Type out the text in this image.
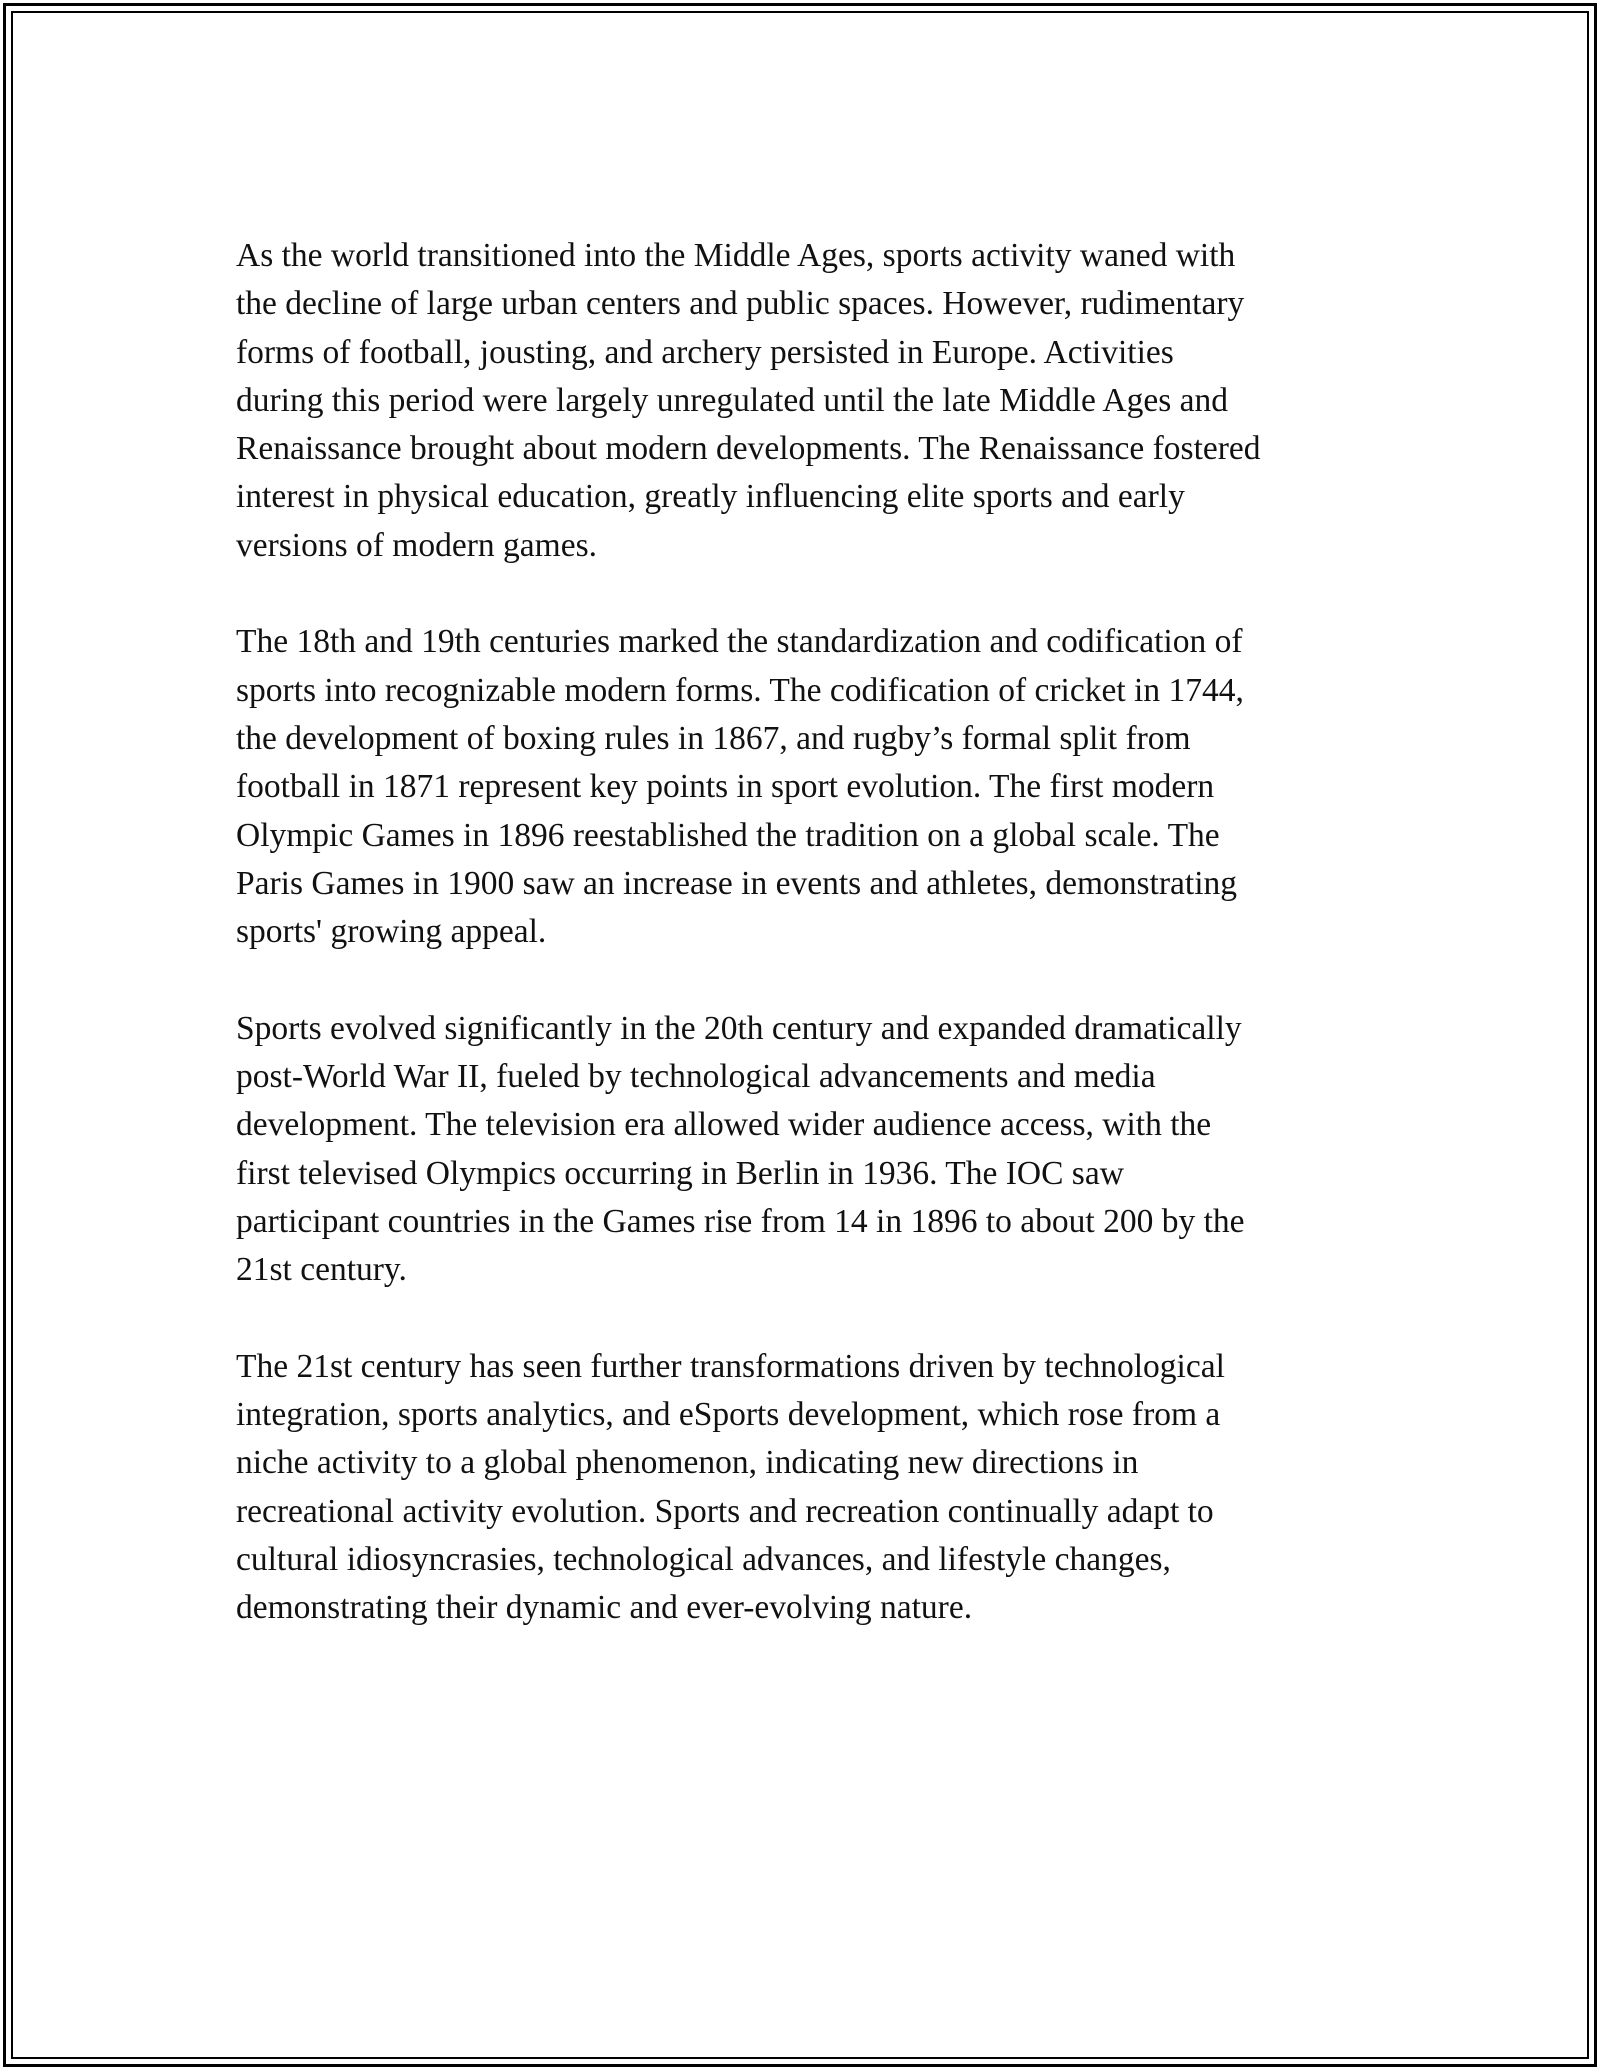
As the world transitioned into the Middle Ages, sports activity waned with
the decline of large urban centers and public spaces. However, rudimentary
forms of football, jousting, and archery persisted in Europe. Activities
during this period were largely unregulated until the late Middle Ages and
Renaissance brought about modern developments. The Renaissance fostered
interest in physical education, greatly influencing elite sports and early
versions of modern games.

The 18th and 19th centuries marked the standardization and codification of
sports into recognizable modern forms. The codification of cricket in 1744,
the development of boxing rules in 1867, and rugby’s formal split from
football in 1871 represent key points in sport evolution. The first modern
Olympic Games in 1896 reestablished the tradition on a global scale. The
Paris Games in 1900 saw an increase in events and athletes, demonstrating
sports' growing appeal.

Sports evolved significantly in the 20th century and expanded dramatically
post-World War II, fueled by technological advancements and media
development. The television era allowed wider audience access, with the
first televised Olympics occurring in Berlin in 1936. The IOC saw
participant countries in the Games rise from 14 in 1896 to about 200 by the
21st century.

The 21st century has seen further transformations driven by technological
integration, sports analytics, and eSports development, which rose from a
niche activity to a global phenomenon, indicating new directions in
recreational activity evolution. Sports and recreation continually adapt to
cultural idiosyncrasies, technological advances, and lifestyle changes,
demonstrating their dynamic and ever-evolving nature.
